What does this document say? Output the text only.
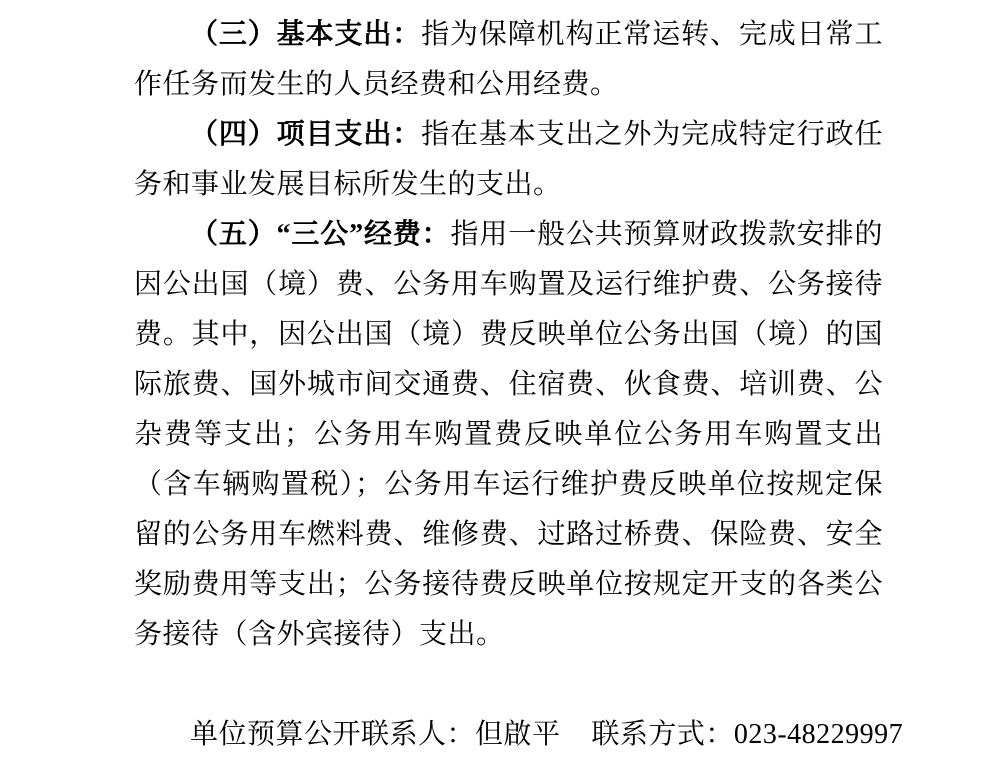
（三）基本支出：指为保障机构正常运转、完成日常工作任务而发生的人员经费和公用经费。

（四）项目支出：指在基本支出之外为完成特定行政任务和事业发展目标所发生的支出。

（五）“三公”经费：指用一般公共预算财政拨款安排的因公出国（境）费、公务用车购置及运行维护费、公务接待费。其中，因公出国（境）费反映单位公务出国（境）的国际旅费、国外城市间交通费、住宿费、伙食费、培训费、公杂费等支出；公务用车购置费反映单位公务用车购置支出（含车辆购置税）；公务用车运行维护费反映单位按规定保留的公务用车燃料费、维修费、过路过桥费、保险费、安全奖励费用等支出；公务接待费反映单位按规定开支的各类公务接待（含外宾接待）支出。

单位预算公开联系人：但啟平 联系方式：023-48229997
